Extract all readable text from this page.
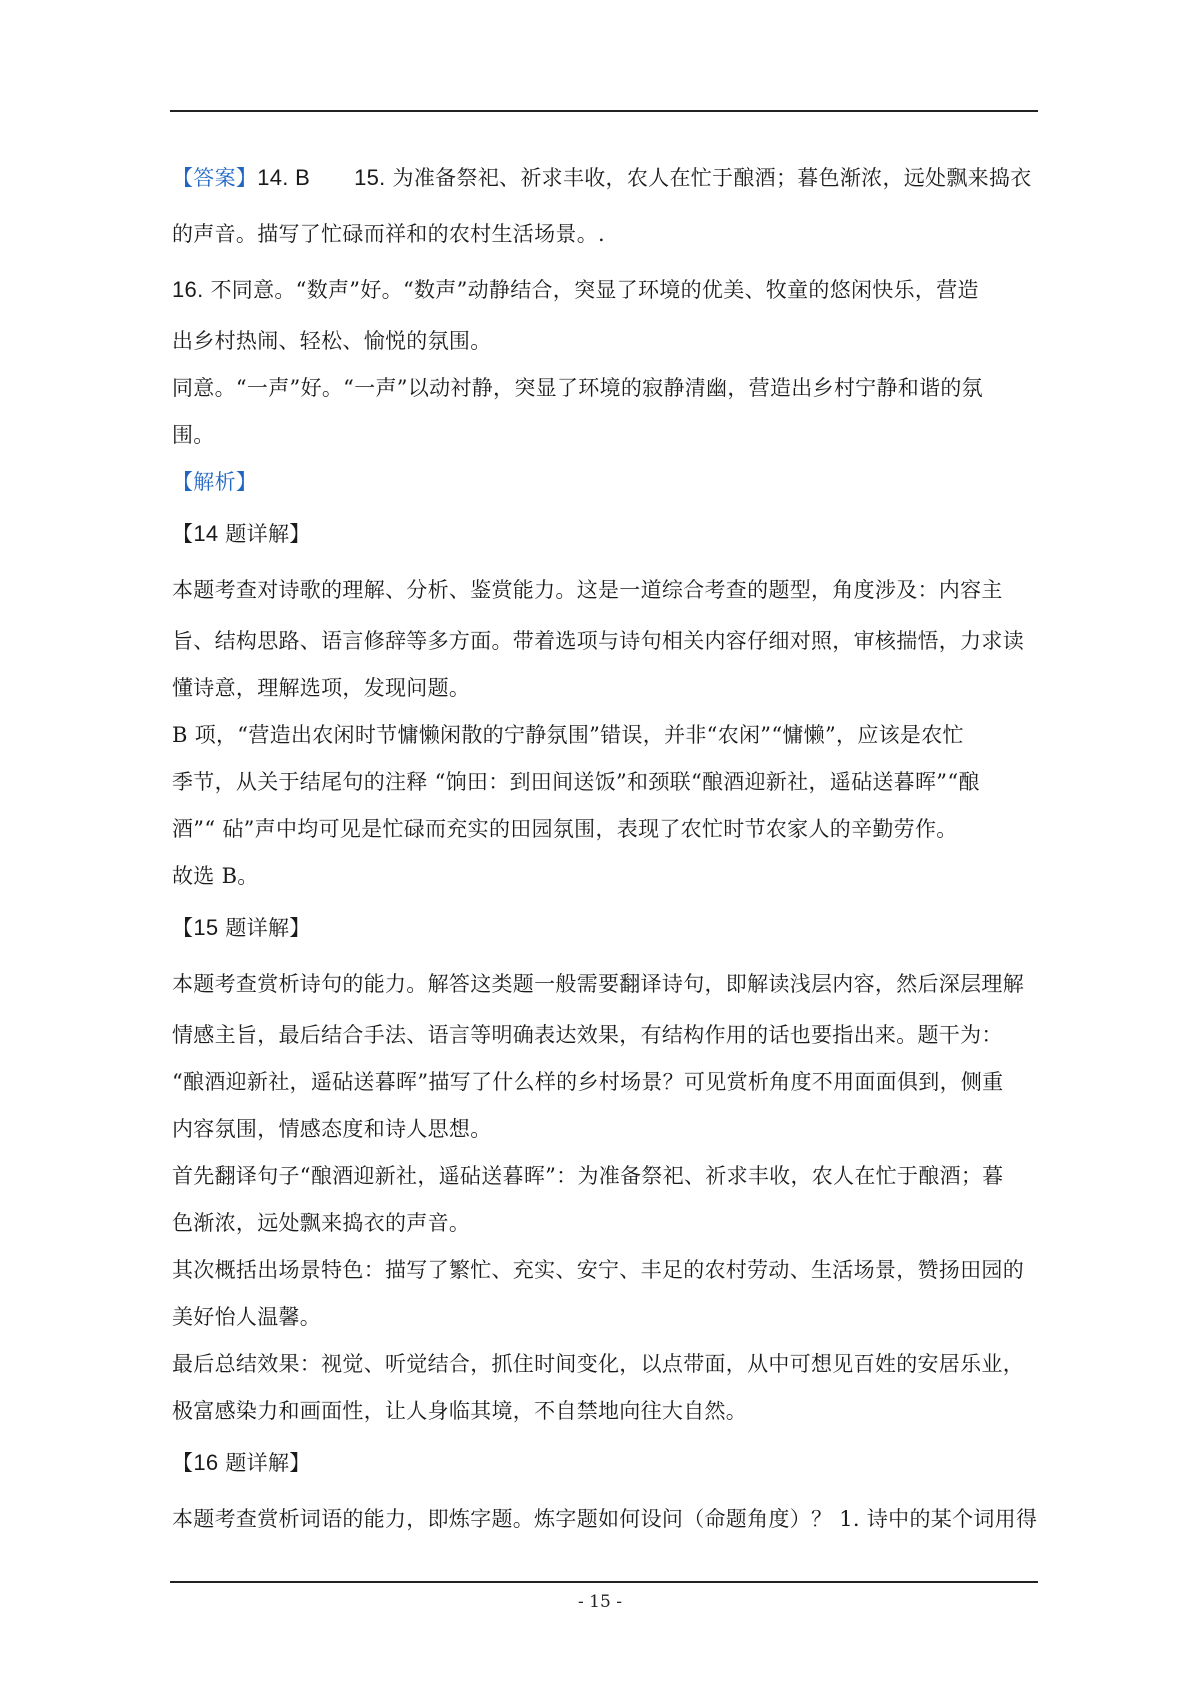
【答案】14. B 15. 为准备祭祀、祈求丰收，农人在忙于酿酒；暮色渐浓，远处飘来捣衣
的声音。描写了忙碌而祥和的农村生活场景。.
16. 不同意。“数声”好。“数声”动静结合，突显了环境的优美、牧童的悠闲快乐，营造
出乡村热闹、轻松、愉悦的氛围。
同意。“一声”好。“一声”以动衬静，突显了环境的寂静清幽，营造出乡村宁静和谐的氛
围。
【解析】
【14 题详解】
本题考查对诗歌的理解、分析、鉴赏能力。这是一道综合考查的题型，角度涉及：内容主
旨、结构思路、语言修辞等多方面。带着选项与诗句相关内容仔细对照，审核揣悟，力求读
懂诗意，理解选项，发现问题。
B 项，“营造出农闲时节慵懒闲散的宁静氛围”错误，并非“农闲”“慵懒”，应该是农忙
季节，从关于结尾句的注释 “饷田：到田间送饭”和颈联“酿酒迎新社，遥砧送暮晖”“酿
酒”“ 砧”声中均可见是忙碌而充实的田园氛围，表现了农忙时节农家人的辛勤劳作。
故选 B。
【15 题详解】
本题考查赏析诗句的能力。解答这类题一般需要翻译诗句，即解读浅层内容，然后深层理解
情感主旨，最后结合手法、语言等明确表达效果，有结构作用的话也要指出来。题干为：
“酿酒迎新社，遥砧送暮晖”描写了什么样的乡村场景？可见赏析角度不用面面俱到，侧重
内容氛围，情感态度和诗人思想。
首先翻译句子“酿酒迎新社，遥砧送暮晖”：为准备祭祀、祈求丰收，农人在忙于酿酒；暮
色渐浓，远处飘来捣衣的声音。
其次概括出场景特色：描写了繁忙、充实、安宁、丰足的农村劳动、生活场景，赞扬田园的
美好怡人温馨。
最后总结效果：视觉、听觉结合，抓住时间变化，以点带面，从中可想见百姓的安居乐业，
极富感染力和画面性，让人身临其境，不自禁地向往大自然。
【16 题详解】
本题考查赏析词语的能力，即炼字题。炼字题如何设问（命题角度）？ 1. 诗中的某个词用得
- 15 -
